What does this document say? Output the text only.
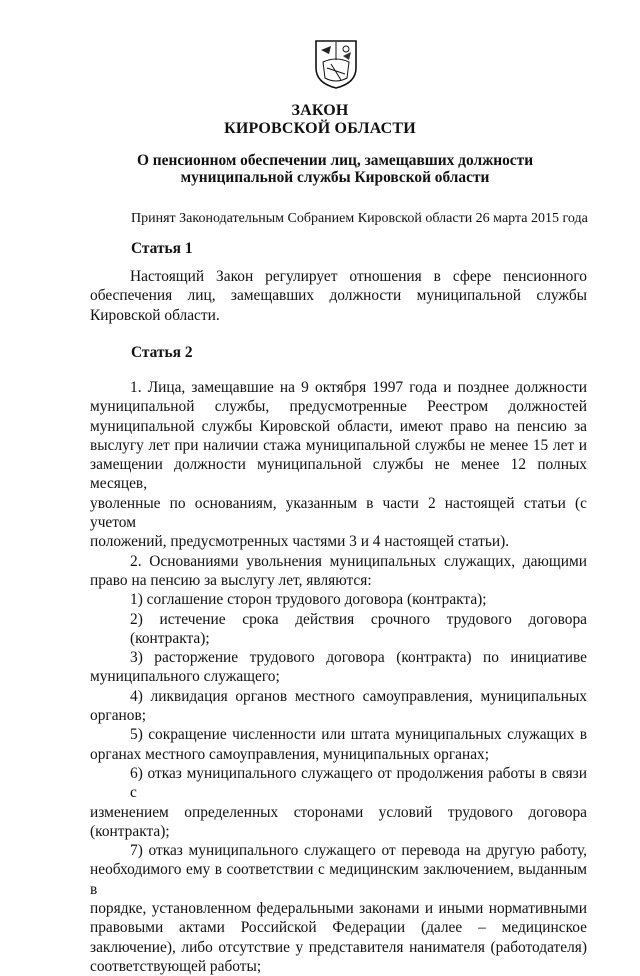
ЗАКОН
КИРОВСКОЙ ОБЛАСТИ
О пенсионном обеспечении лиц, замещавших должности
муниципальной службы Кировской области
Принят Законодательным Собранием Кировской области 26 марта 2015 года
Статья 1
Настоящий Закон регулирует отношения в сфере пенсионного
обеспечения лиц, замещавших должности муниципальной службы
Кировской области.
Статья 2
1. Лица, замещавшие на 9 октября 1997 года и позднее должности
муниципальной службы, предусмотренные Реестром должностей
муниципальной службы Кировской области, имеют право на пенсию за
выслугу лет при наличии стажа муниципальной службы не менее 15 лет и
замещении должности муниципальной службы не менее 12 полных месяцев,
уволенные по основаниям, указанным в части 2 настоящей статьи (с учетом
положений, предусмотренных частями 3 и 4 настоящей статьи).
2. Основаниями увольнения муниципальных служащих, дающими
право на пенсию за выслугу лет, являются:
1) соглашение сторон трудового договора (контракта);
2) истечение срока действия срочного трудового договора (контракта);
3) расторжение трудового договора (контракта) по инициативе
муниципального служащего;
4) ликвидация органов местного самоуправления, муниципальных
органов;
5) сокращение численности или штата муниципальных служащих в
органах местного самоуправления, муниципальных органах;
6) отказ муниципального служащего от продолжения работы в связи с
изменением определенных сторонами условий трудового договора
(контракта);
7) отказ муниципального служащего от перевода на другую работу,
необходимого ему в соответствии с медицинским заключением, выданным в
порядке, установленном федеральными законами и иными нормативными
правовыми актами Российской Федерации (далее – медицинское
заключение), либо отсутствие у представителя нанимателя (работодателя)
соответствующей работы;
